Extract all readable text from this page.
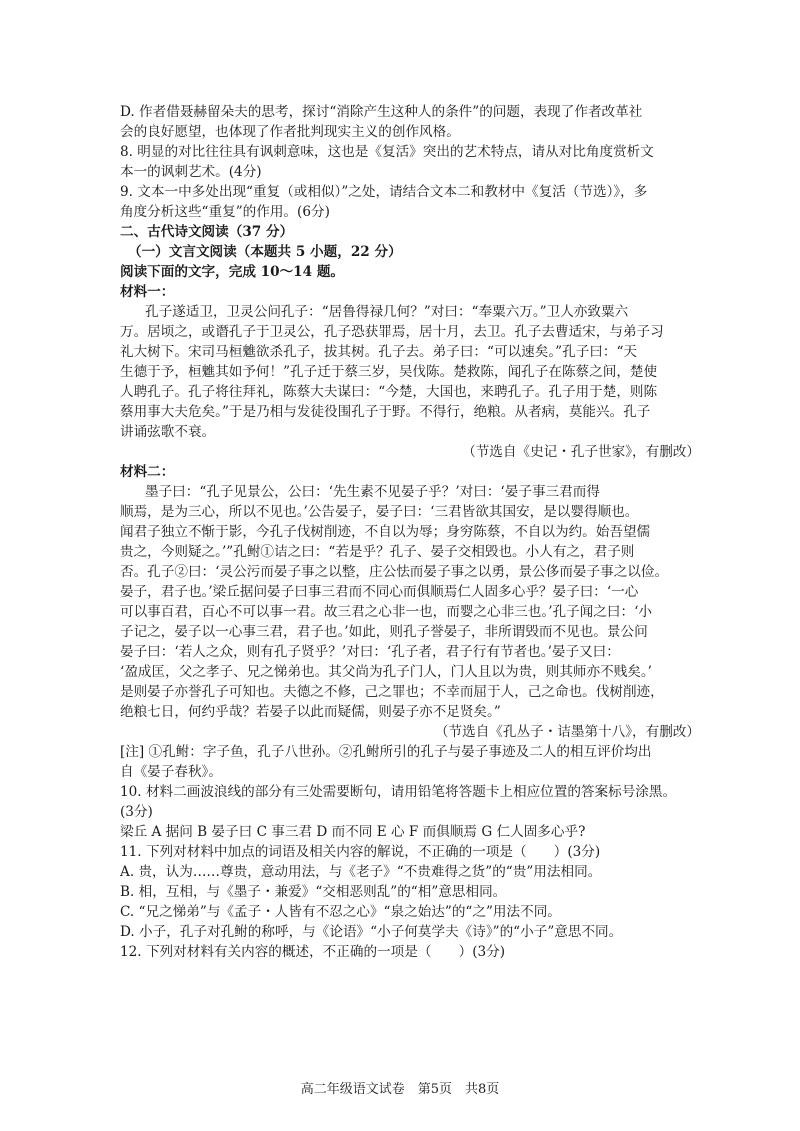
D. 作者借聂赫留朵夫的思考，探讨“消除产生这种人的条件”的问题，表现了作者改革社
会的良好愿望，也体现了作者批判现实主义的创作风格。
8. 明显的对比往往具有讽刺意味，这也是《复活》突出的艺术特点，请从对比角度赏析文
本一的讽刺艺术。(4分)
9. 文本一中多处出现“重复（或相似）”之处，请结合文本二和教材中《复活（节选）》，多
角度分析这些“重复”的作用。(6分)
二、古代诗文阅读（37 分）
（一）文言文阅读（本题共 5 小题，22 分）
阅读下面的文字，完成 10～14 题。
材料一：
孔子遂适卫，卫灵公问孔子：“居鲁得禄几何？”对曰：“奉粟六万。”卫人亦致粟六
万。居顷之，或谮孔子于卫灵公，孔子恐获罪焉，居十月，去卫。孔子去曹适宋，与弟子习
礼大树下。宋司马桓魋欲杀孔子，拔其树。孔子去。弟子曰：“可以速矣。”孔子曰：“天
生德于予，桓魋其如予何！”孔子迁于蔡三岁，吴伐陈。楚救陈，闻孔子在陈蔡之间，楚使
人聘孔子。孔子将往拜礼，陈蔡大夫谋曰：“今楚，大国也，来聘孔子。孔子用于楚，则陈
蔡用事大夫危矣。”于是乃相与发徒役围孔子于野。不得行，绝粮。从者病，莫能兴。孔子
讲诵弦歌不衰。
（节选自《史记・孔子世家》，有删改）
材料二：
墨子曰：“孔子见景公，公曰：‘先生素不见晏子乎？’对曰：‘晏子事三君而得
顺焉，是为三心，所以不见也。’公告晏子，晏子曰：‘三君皆欲其国安，是以婴得顺也。
闻君子独立不惭于影，今孔子伐树削迹，不自以为辱；身穷陈蔡，不自以为约。始吾望儒
贵之，今则疑之。’”孔鲋①诘之曰：“若是乎？孔子、晏子交相毁也。小人有之，君子则
否。孔子②曰：‘灵公污而晏子事之以整，庄公怯而晏子事之以勇，景公侈而晏子事之以俭。
晏子，君子也。’梁丘据问晏子曰事三君而不同心而俱顺焉仁人固多心乎？晏子曰：‘一心
可以事百君，百心不可以事一君。故三君之心非一也，而婴之心非三也。’孔子闻之曰：‘小
子记之，晏子以一心事三君，君子也。’如此，则孔子誉晏子，非所谓毁而不见也。景公问
晏子曰：‘若人之众，则有孔子贤乎？’对曰：‘孔子者，君子行有节者也。’晏子又曰：
‘盈成匡，父之孝子、兄之悌弟也。其父尚为孔子门人，门人且以为贵，则其师亦不贱矣。’
是则晏子亦誉孔子可知也。夫德之不修，己之罪也；不幸而屈于人，己之命也。伐树削迹，
绝粮七日，何约乎哉？若晏子以此而疑儒，则晏子亦不足贤矣。”
（节选自《孔丛子・诘墨第十八》，有删改）
[注] ①孔鲋：字子鱼，孔子八世孙。②孔鲋所引的孔子与晏子事迹及二人的相互评价均出
自《晏子春秋》。
10. 材料二画波浪线的部分有三处需要断句，请用铅笔将答题卡上相应位置的答案标号涂黑。
(3分)
梁丘 A 据问 B 晏子曰 C 事三君 D 而不同 E 心 F 而俱顺焉 G 仁人固多心乎?
11. 下列对材料中加点的词语及相关内容的解说，不正确的一项是（　　）(3分)
A. 贵，认为……尊贵，意动用法，与《老子》“不贵难得之货”的“贵”用法相同。
B. 相，互相，与《墨子・兼爱》“交相恶则乱”的“相”意思相同。
C. “兄之悌弟”与《孟子・人皆有不忍之心》“泉之始达”的“之”用法不同。
D. 小子，孔子对孔鲋的称呼，与《论语》“小子何莫学夫《诗》”的“小子”意思不同。
12. 下列对材料有关内容的概述，不正确的一项是（　　）(3分)
高二年级语文试卷　第5页　共8页
